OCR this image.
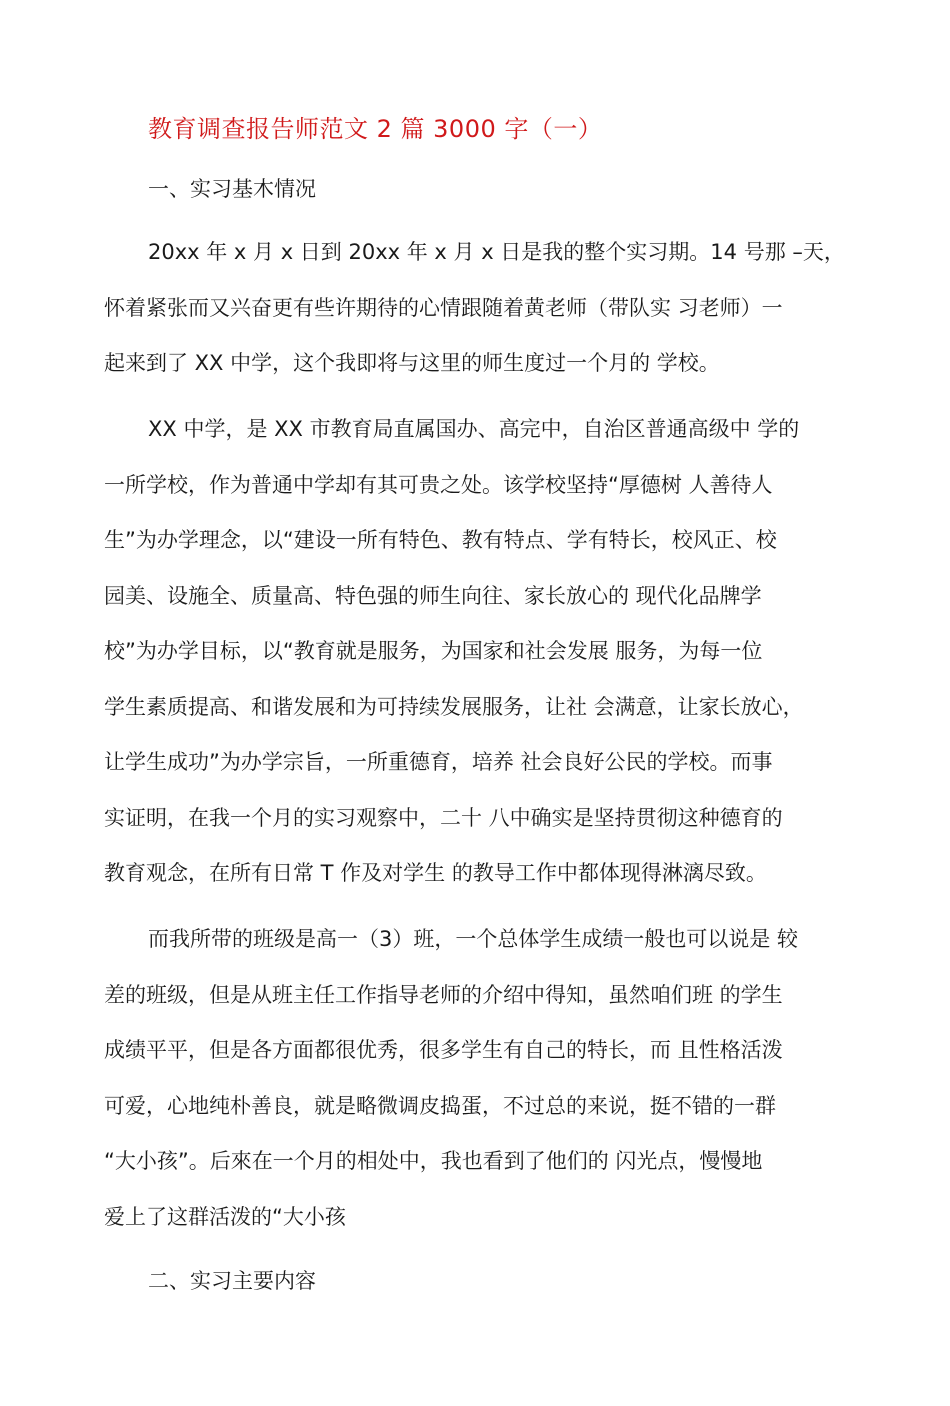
教育调查报告师范文 2 篇 3000 字（一）
一、实习基木情况
20xx 年 x 月 x 日到 20xx 年 x 月 x 日是我的整个实习期。14 号那 –天，
怀着紧张而又兴奋更有些许期待的心情跟随着黄老师（带队实 习老师）一
起来到了 XX 中学，这个我即将与这里的师生度过一个月的 学校。
XX 中学，是 XX 市教育局直属国办、高完中，自治区普通高级中 学的
一所学校，作为普通中学却有其可贵之处。该学校坚持“厚德树 人善待人
生”为办学理念，以“建设一所有特色、教有特点、学有特长，校风正、校
园美、设施全、质量高、特色强的师生向往、家长放心的 现代化品牌学
校”为办学目标，以“教育就是服务，为国家和社会发展 服务，为每一位
学生素质提高、和谐发展和为可持续发展服务，让社 会满意，让家长放心，
让学生成功”为办学宗旨，一所重德育，培养 社会良好公民的学校。而事
实证明，在我一个月的实习观察中，二十 八中确实是坚持贯彻这种德育的
教育观念，在所有日常 T 作及对学生 的教导工作中都体现得淋漓尽致。
而我所带的班级是高一（3）班，一个总体学生成绩一般也可以说是 较
差的班级，但是从班主任工作指导老师的介绍中得知，虽然咱们班 的学生
成绩平平，但是各方面都很优秀，很多学生有自己的特长，而 且性格活泼
可爱，心地纯朴善良，就是略微调皮捣蛋，不过总的来说，挺不错的一群
“大小孩”。后來在一个月的相处中，我也看到了他们的 闪光点，慢慢地
爱上了这群活泼的“大小孩
二、实习主要内容
